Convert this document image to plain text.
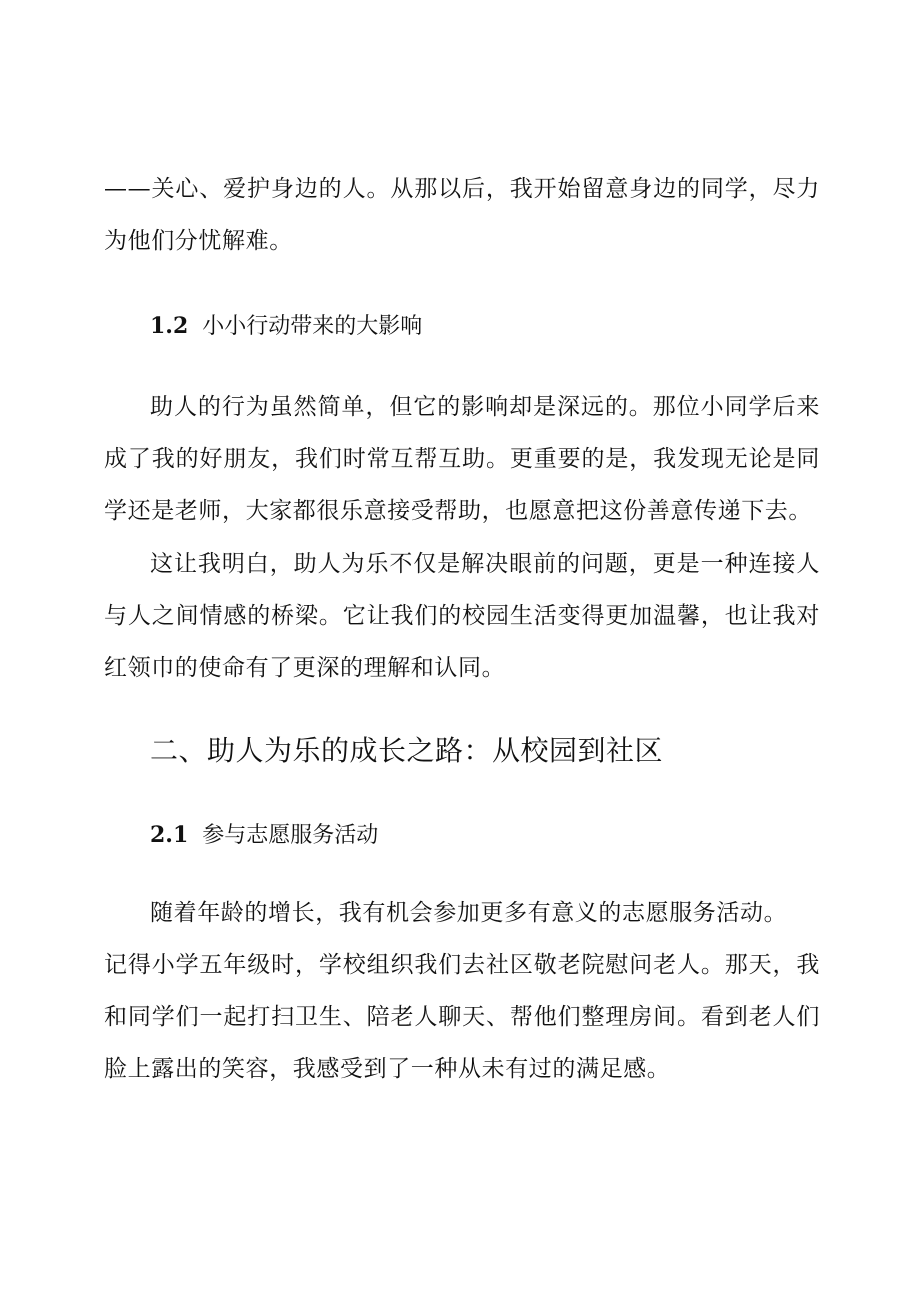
——关心、爱护身边的人。从那以后，我开始留意身边的同学，尽力为他们分忧解难。

1.2 小小行动带来的大影响

助人的行为虽然简单，但它的影响却是深远的。那位小同学后来成了我的好朋友，我们时常互帮互助。更重要的是，我发现无论是同学还是老师，大家都很乐意接受帮助，也愿意把这份善意传递下去。

这让我明白，助人为乐不仅是解决眼前的问题，更是一种连接人与人之间情感的桥梁。它让我们的校园生活变得更加温馨，也让我对红领巾的使命有了更深的理解和认同。

二、助人为乐的成长之路：从校园到社区
2.1 参与志愿服务活动

随着年龄的增长，我有机会参加更多有意义的志愿服务活动。

记得小学五年级时，学校组织我们去社区敬老院慰问老人。那天，我和同学们一起打扫卫生、陪老人聊天、帮他们整理房间。看到老人们脸上露出的笑容，我感受到了一种从未有过的满足感。
